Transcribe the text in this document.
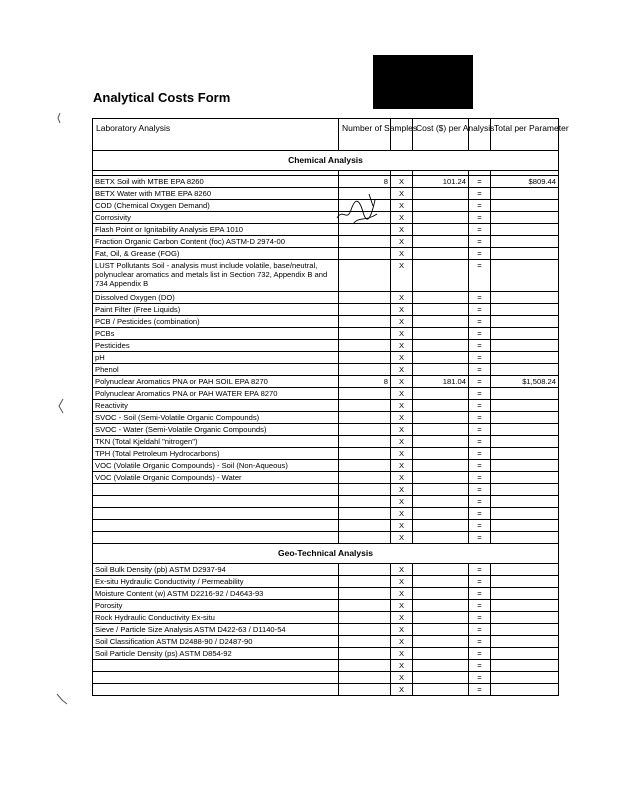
Analytical Costs Form
Laboratory Analysis	Number of Samples		Cost ($) per Analysis		Total per Parameter
Chemical Analysis					

BETX Soil with MTBE EPA 8260	8	X	101.24	=	$809.44
BETX Water with MTBE EPA 8260		X		=	
COD (Chemical Oxygen Demand)		X		=	
Corrosivity		X		=	
Flash Point or Ignitability Analysis EPA 1010		X		=	
Fraction Organic Carbon Content (foc) ASTM-D 2974-00		X		=	
Fat, Oil, & Grease (FOG)		X		=	
LUST Pollutants Soil - analysis must include volatile, base/neutral, polynuclear aromatics and metals list in Section 732, Appendix B and 734 Appendix B		X		=	
Dissolved Oxygen (DO)		X		=	
Paint Filter (Free Liquids)		X		=	
PCB / Pesticides (combination)		X		=	
PCBs		X		=	
Pesticides		X		=	
pH		X		=	
Phenol		X		=	
Polynuclear Aromatics PNA or PAH SOIL EPA 8270	8	X	181.04	=	$1,508.24
Polynuclear Aromatics PNA or PAH WATER EPA 8270		X		=	
Reactivity		X		=	
SVOC - Soil (Semi-Volatile Organic Compounds)		X		=	
SVOC - Water (Semi-Volatile Organic Compounds)		X		=	
TKN (Total Kjeldahl "nitrogen")		X		=	
TPH (Total Petroleum Hydrocarbons)		X		=	
VOC (Volatile Organic Compounds) - Soil (Non-Aqueous)		X		=	
VOC (Volatile Organic Compounds) - Water		X		=	
		X		=	
		X		=	
		X		=	
		X		=	
		X		=	
Geo-Technical Analysis					
Soil Bulk Density (pb) ASTM D2937-94		X		=	
Ex-situ Hydraulic Conductivity / Permeability		X		=	
Moisture Content (w) ASTM D2216-92 / D4643-93		X		=	
Porosity		X		=	
Rock Hydraulic Conductivity Ex-situ		X		=	
Sieve / Particle Size Analysis ASTM D422-63 / D1140-54		X		=	
Soil Classification ASTM D2488-90 / D2487-90		X		=	
Soil Particle Density (ps) ASTM D854-92		X		=	
		X		=	
		X		=	
		X		=	
